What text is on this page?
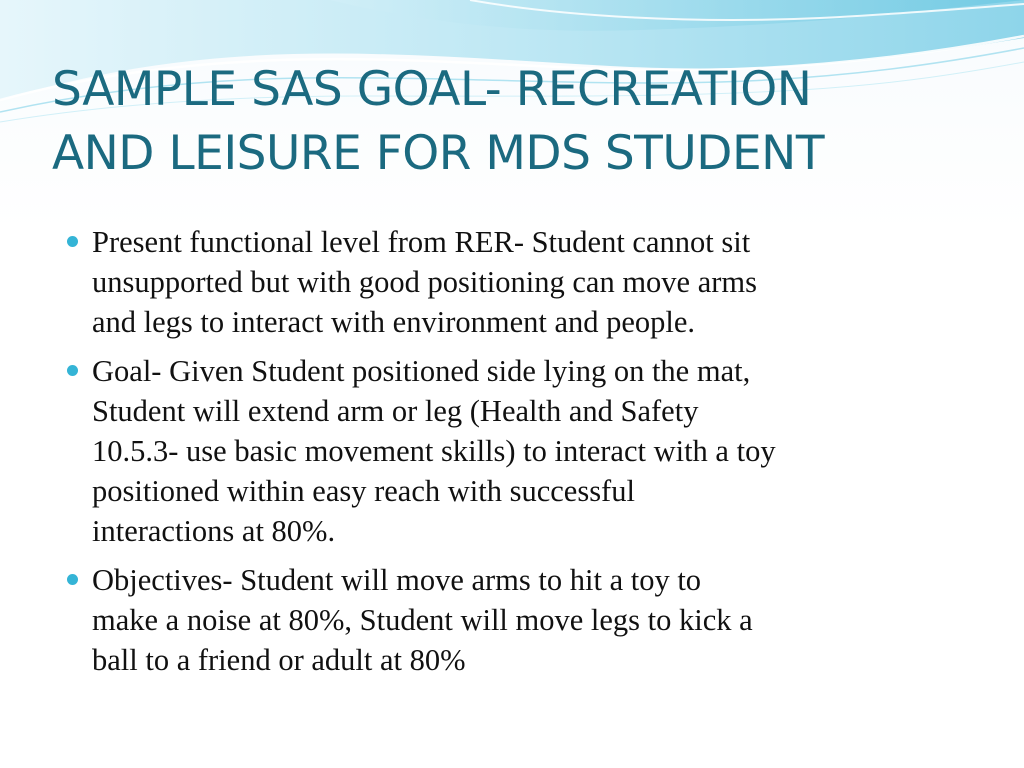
SAMPLE SAS GOAL- RECREATION
AND LEISURE FOR MDS STUDENT
Present functional level from RER- Student cannot sit
unsupported but with good positioning can move arms
and legs to interact with environment and people.
Goal- Given Student positioned side lying on the mat,
Student will extend arm or leg (Health and Safety
10.5.3- use basic movement skills) to interact with a toy
positioned within easy reach with successful
interactions at 80%.
Objectives- Student will move arms to hit a toy to
make a noise at 80%, Student will move legs to kick a
ball to a friend or adult at 80%
